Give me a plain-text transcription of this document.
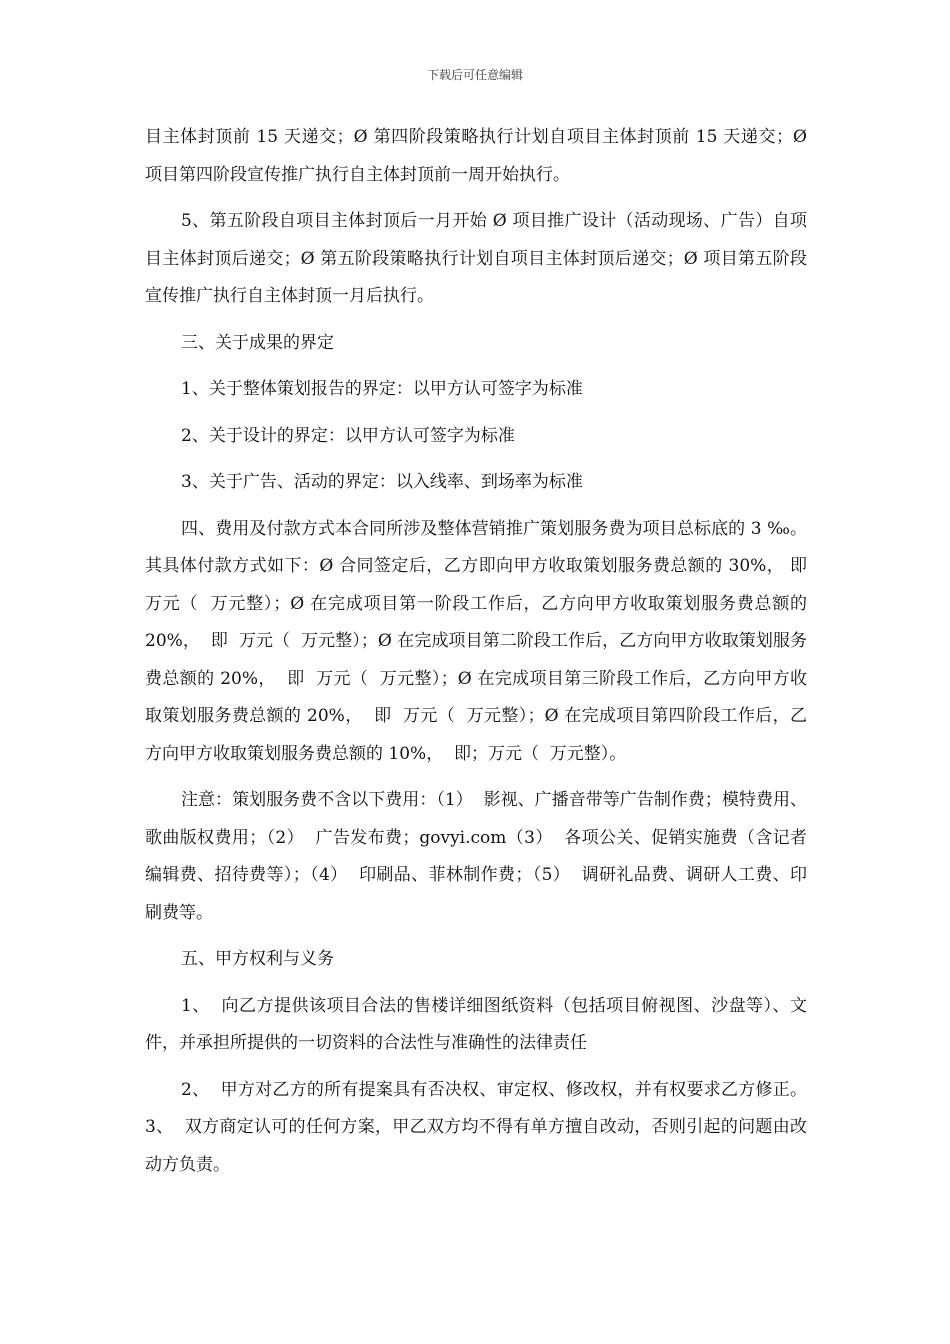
下载后可任意编辑

目主体封顶前 15 天递交；Ø 第四阶段策略执行计划自项目主体封顶前 15 天递交；Ø 项目第四阶段宣传推广执行自主体封顶前一周开始执行。

5、第五阶段自项目主体封顶后一月开始 Ø 项目推广设计（活动现场、广告）自项目主体封顶后递交；Ø 第五阶段策略执行计划自项目主体封顶后递交；Ø 项目第五阶段宣传推广执行自主体封顶一月后执行。

三、关于成果的界定

1、关于整体策划报告的界定：以甲方认可签字为标准

2、关于设计的界定：以甲方认可签字为标准

3、关于广告、活动的界定：以入线率、到场率为标准

四、费用及付款方式本合同所涉及整体营销推广策划服务费为项目总标底的 3 ‰。其具体付款方式如下：Ø 合同签定后，乙方即向甲方收取策划服务费总额的 30%， 即  万元（  万元整）；Ø 在完成项目第一阶段工作后，乙方向甲方收取策划服务费总额的 20%，  即  万元（  万元整）；Ø 在完成项目第二阶段工作后，乙方向甲方收取策划服务费总额的 20%，  即  万元（  万元整）；Ø 在完成项目第三阶段工作后，乙方向甲方收取策划服务费总额的 20%，  即  万元（  万元整）；Ø 在完成项目第四阶段工作后，乙方向甲方收取策划服务费总额的 10%，  即；万元（  万元整）。

注意：策划服务费不含以下费用：（1）  影视、广播音带等广告制作费；模特费用、歌曲版权费用；（2）  广告发布费；govyi.com（3）  各项公关、促销实施费（含记者编辑费、招待费等）；（4）  印刷品、菲林制作费；（5）  调研礼品费、调研人工费、印刷费等。

五、甲方权利与义务

1、  向乙方提供该项目合法的售楼详细图纸资料（包括项目俯视图、沙盘等）、文件，并承担所提供的一切资料的合法性与准确性的法律责任

2、  甲方对乙方的所有提案具有否决权、审定权、修改权，并有权要求乙方修正。3、  双方商定认可的任何方案，甲乙双方均不得有单方擅自改动，否则引起的问题由改动方负责。
